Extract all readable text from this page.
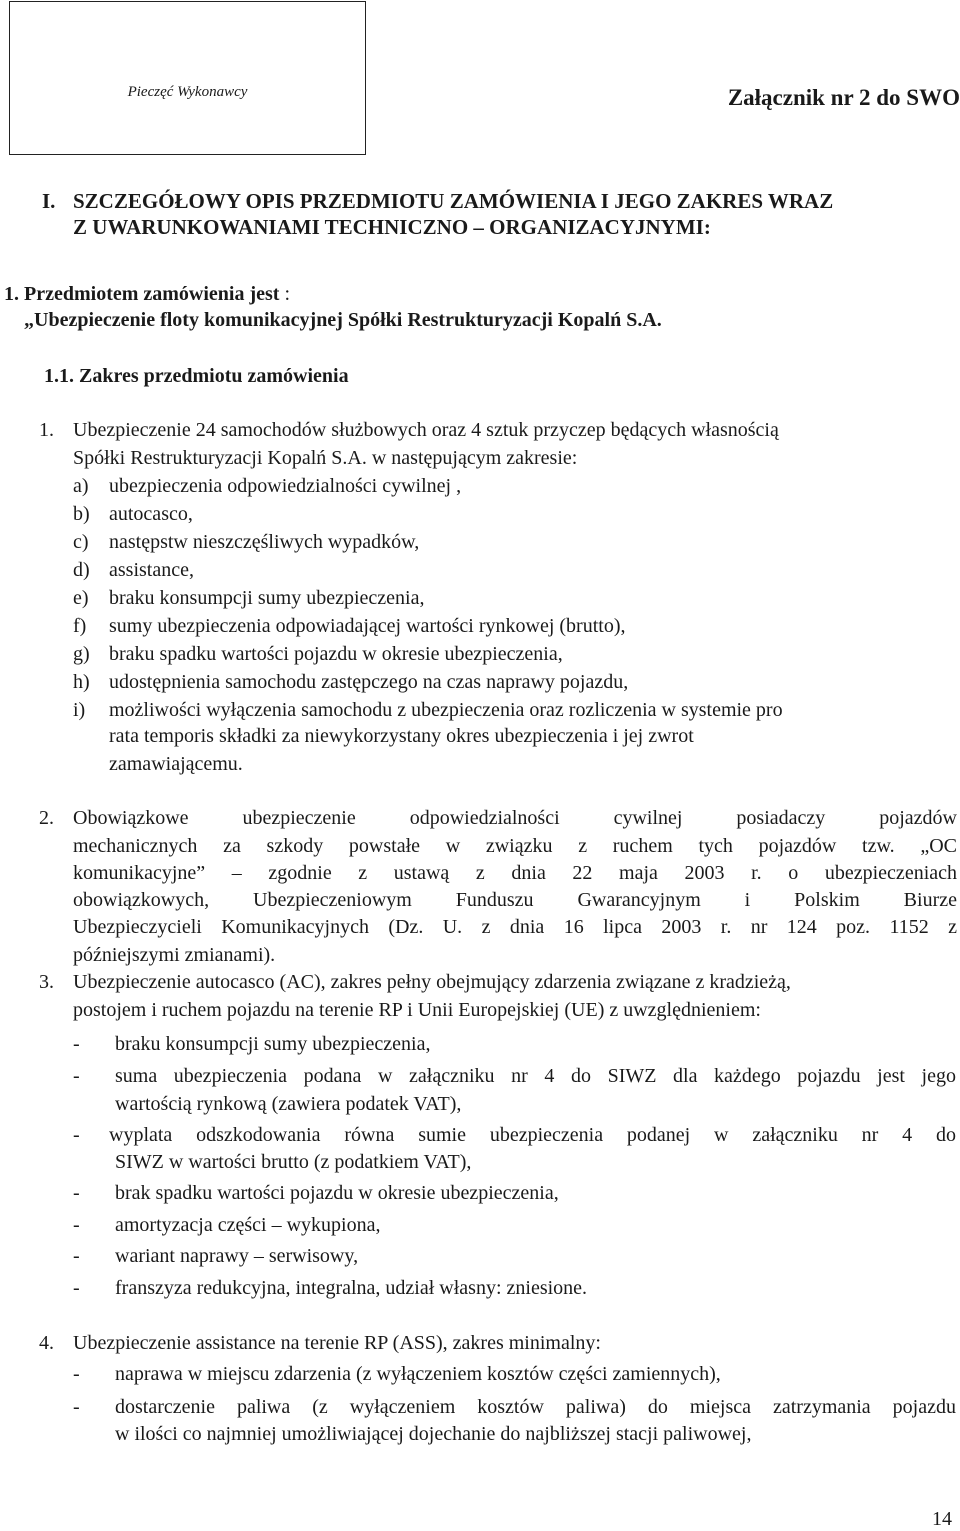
Pieczęć Wykonawcy	Załącznik nr 2 do SWO
I. SZCZEGÓŁOWY OPIS PRZEDMIOTU ZAMÓWIENIA I JEGO ZAKRES WRAZ
Z UWARUNKOWANIAMI TECHNICZNO – ORGANIZACYJNYMI:
1. Przedmiotem zamówienia jest :
„Ubezpieczenie floty komunikacyjnej Spółki Restrukturyzacji Kopalń S.A.
1.1. Zakres przedmiotu zamówienia
1. Ubezpieczenie 24 samochodów służbowych oraz 4 sztuk przyczep będących własnością
Spółki Restrukturyzacji Kopalń S.A. w następującym zakresie:
a) ubezpieczenia odpowiedzialności cywilnej ,
b) autocasco,
c) następstw nieszczęśliwych wypadków,
d) assistance,
e) braku konsumpcji sumy ubezpieczenia,
f) sumy ubezpieczenia odpowiadającej wartości rynkowej (brutto),
g) braku spadku wartości pojazdu w okresie ubezpieczenia,
h) udostępnienia samochodu zastępczego na czas naprawy pojazdu,
i) możliwości wyłączenia samochodu z ubezpieczenia oraz rozliczenia w systemie pro
rata temporis składki za niewykorzystany okres ubezpieczenia i jej zwrot
zamawiającemu.
2. Obowiązkowe ubezpieczenie odpowiedzialności cywilnej posiadaczy pojazdów
mechanicznych za szkody powstałe w związku z ruchem tych pojazdów tzw. „OC
komunikacyjne” – zgodnie z ustawą z dnia 22 maja 2003 r. o ubezpieczeniach
obowiązkowych, Ubezpieczeniowym Funduszu Gwarancyjnym i Polskim Biurze
Ubezpieczycieli Komunikacyjnych (Dz. U. z dnia 16 lipca 2003 r. nr 124 poz. 1152 z
późniejszymi zmianami).
3. Ubezpieczenie autocasco (AC), zakres pełny obejmujący zdarzenia związane z kradzieżą,
postojem i ruchem pojazdu na terenie RP i Unii Europejskiej (UE) z uwzględnieniem:
- braku konsumpcji sumy ubezpieczenia,
- suma ubezpieczenia podana w załączniku nr 4 do SIWZ dla każdego pojazdu jest jego
wartością rynkową (zawiera podatek VAT),
- wyplata odszkodowania równa sumie ubezpieczenia podanej w załączniku nr 4 do
SIWZ w wartości brutto (z podatkiem VAT),
- brak spadku wartości pojazdu w okresie ubezpieczenia,
- amortyzacja części – wykupiona,
- wariant naprawy – serwisowy,
- franszyza redukcyjna, integralna, udział własny: zniesione.
4. Ubezpieczenie assistance na terenie RP (ASS), zakres minimalny:
- naprawa w miejscu zdarzenia (z wyłączeniem kosztów części zamiennych),
- dostarczenie paliwa (z wyłączeniem kosztów paliwa) do miejsca zatrzymania pojazdu
w ilości co najmniej umożliwiającej dojechanie do najbliższej stacji paliwowej,
14
